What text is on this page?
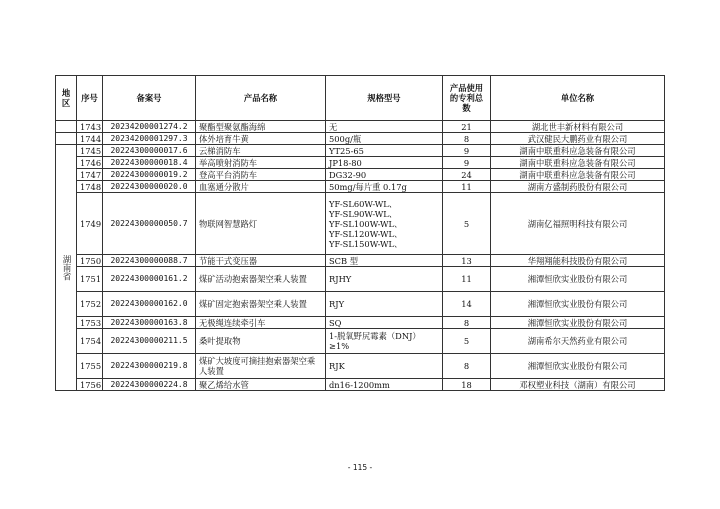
地区	序号	备案号	产品名称	规格型号	产品使用的专利总数	单位名称
	1743	20234200001274.2	聚酯型聚氨酯海绵	无	21	湖北世丰新材料有限公司
	1744	20234200001297.3	体外培育牛黄	500g/瓶	8	武汉健民大鹏药业有限公司
湖南省	1745	20224300000017.6	云梯消防车	YT25-65	9	湖南中联重科应急装备有限公司
	1746	20224300000018.4	举高喷射消防车	JP18-80	9	湖南中联重科应急装备有限公司
	1747	20224300000019.2	登高平台消防车	DG32-90	24	湖南中联重科应急装备有限公司
	1748	20224300000020.0	血塞通分散片	50mg/每片重 0.17g	11	湖南方盛制药股份有限公司
	1749	20224300000050.7	物联网智慧路灯	YF-SL60W-WL、
YF-SL90W-WL、
YF-SL100W-WL、
YF-SL120W-WL、
YF-SL150W-WL、	5	湖南亿福照明科技有限公司
	1750	20224300000088.7	节能干式变压器	SCB 型	13	华翔翔能科技股份有限公司
	1751	20224300000161.2	煤矿活动抱索器架空乘人装置	RJHY	11	湘潭恒欣实业股份有限公司
	1752	20224300000162.0	煤矿固定抱索器架空乘人装置	RJY	14	湘潭恒欣实业股份有限公司
	1753	20224300000163.8	无极绳连续牵引车	SQ	8	湘潭恒欣实业股份有限公司
	1754	20224300000211.5	桑叶提取物	1-脱氧野尻霉素（DNJ）≥1%	5	湖南希尔天然药业有限公司
	1755	20224300000219.8	煤矿大坡度可摘挂抱索器架空乘人装置	RJK	8	湘潭恒欣实业股份有限公司
	1756	20224300000224.8	聚乙烯给水管	dn16-1200mm	18	邓权塑业科技（湖南）有限公司
- 115 -
